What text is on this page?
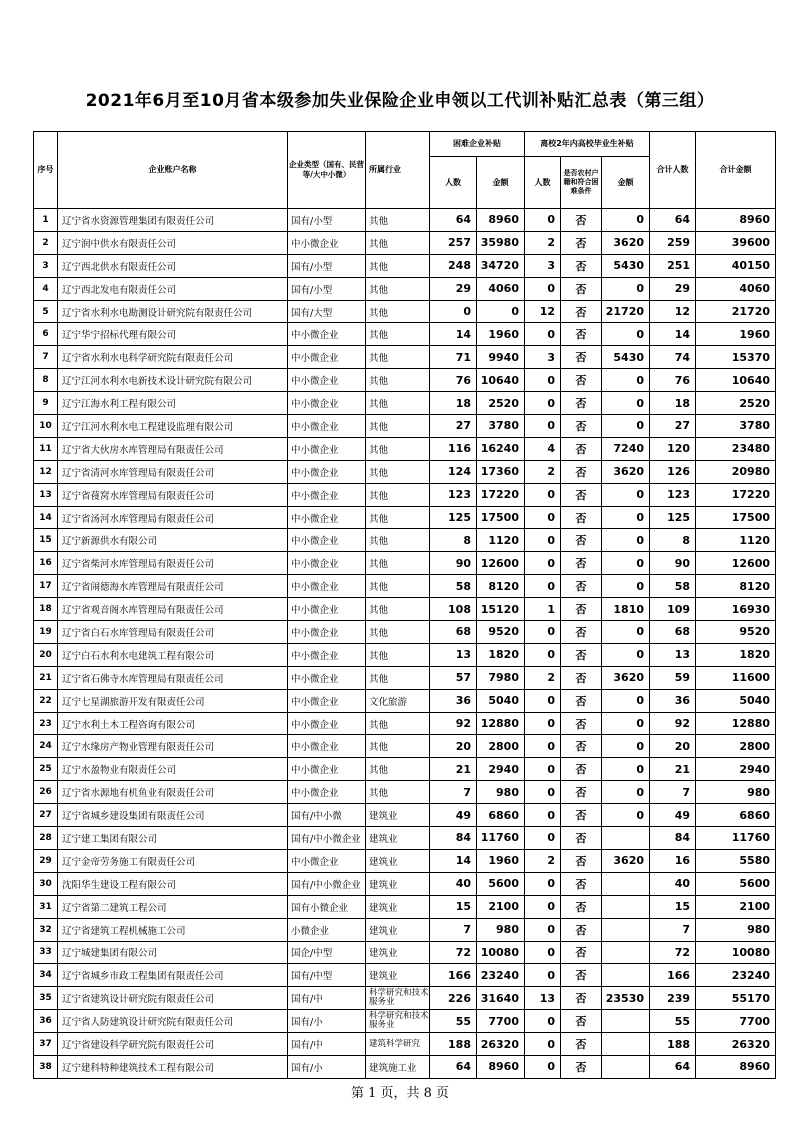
2021年6月至10月省本级参加失业保险企业申领以工代训补贴汇总表（第三组）
序号	企业账户名称	企业类型（国有、民营等/大中小微）	所属行业	困难企业补贴		离校2年内高校毕业生补贴			合计人数	合计金额
				人数	金额	人数	是否农村户籍和符合困难条件	金额		
1	辽宁省水资源管理集团有限责任公司	国有/小型	其他	64	8960	0	否	0	64	8960
2	辽宁润中供水有限责任公司	中小微企业	其他	257	35980	2	否	3620	259	39600
3	辽宁西北供水有限责任公司	国有/小型	其他	248	34720	3	否	5430	251	40150
4	辽宁西北发电有限责任公司	国有/小型	其他	29	4060	0	否	0	29	4060
5	辽宁省水利水电勘测设计研究院有限责任公司	国有/大型	其他	0	0	12	否	21720	12	21720
6	辽宁华宁招标代理有限公司	中小微企业	其他	14	1960	0	否	0	14	1960
7	辽宁省水利水电科学研究院有限责任公司	中小微企业	其他	71	9940	3	否	5430	74	15370
8	辽宁江河水利水电新技术设计研究院有限公司	中小微企业	其他	76	10640	0	否	0	76	10640
9	辽宁江海水利工程有限公司	中小微企业	其他	18	2520	0	否	0	18	2520
10	辽宁江河水利水电工程建设监理有限公司	中小微企业	其他	27	3780	0	否	0	27	3780
11	辽宁省大伙房水库管理局有限责任公司	中小微企业	其他	116	16240	4	否	7240	120	23480
12	辽宁省清河水库管理局有限责任公司	中小微企业	其他	124	17360	2	否	3620	126	20980
13	辽宁省葠窝水库管理局有限责任公司	中小微企业	其他	123	17220	0	否	0	123	17220
14	辽宁省汤河水库管理局有限责任公司	中小微企业	其他	125	17500	0	否	0	125	17500
15	辽宁新源供水有限公司	中小微企业	其他	8	1120	0	否	0	8	1120
16	辽宁省柴河水库管理局有限责任公司	中小微企业	其他	90	12600	0	否	0	90	12600
17	辽宁省闹德海水库管理局有限责任公司	中小微企业	其他	58	8120	0	否	0	58	8120
18	辽宁省观音阁水库管理局有限责任公司	中小微企业	其他	108	15120	1	否	1810	109	16930
19	辽宁省白石水库管理局有限责任公司	中小微企业	其他	68	9520	0	否	0	68	9520
20	辽宁白石水利水电建筑工程有限公司	中小微企业	其他	13	1820	0	否	0	13	1820
21	辽宁省石佛寺水库管理局有限责任公司	中小微企业	其他	57	7980	2	否	3620	59	11600
22	辽宁七星湖旅游开发有限责任公司	中小微企业	文化旅游	36	5040	0	否	0	36	5040
23	辽宁水利土木工程咨询有限公司	中小微企业	其他	92	12880	0	否	0	92	12880
24	辽宁水缘房产物业管理有限责任公司	中小微企业	其他	20	2800	0	否	0	20	2800
25	辽宁水盈物业有限责任公司	中小微企业	其他	21	2940	0	否	0	21	2940
26	辽宁省水源地有机鱼业有限责任公司	中小微企业	其他	7	980	0	否	0	7	980
27	辽宁省城乡建设集团有限责任公司	国有/中小微	建筑业	49	6860	0	否	0	49	6860
28	辽宁建工集团有限公司	国有/中小微企业	建筑业	84	11760	0	否		84	11760
29	辽宁金帝劳务施工有限责任公司	中小微企业	建筑业	14	1960	2	否	3620	16	5580
30	沈阳华生建设工程有限公司	国有/中小微企业	建筑业	40	5600	0	否		40	5600
31	辽宁省第二建筑工程公司	国有小微企业	建筑业	15	2100	0	否		15	2100
32	辽宁省建筑工程机械施工公司	小微企业	建筑业	7	980	0	否		7	980
33	辽宁城建集团有限公司	国企/中型	建筑业	72	10080	0	否		72	10080
34	辽宁省城乡市政工程集团有限责任公司	国有/中型	建筑业	166	23240	0	否		166	23240
35	辽宁省建筑设计研究院有限责任公司	国有/中	科学研究和技术服务业	226	31640	13	否	23530	239	55170
36	辽宁省人防建筑设计研究院有限责任公司	国有/小	科学研究和技术服务业	55	7700	0	否		55	7700
37	辽宁省建设科学研究院有限责任公司	国有/中	建筑科学研究	188	26320	0	否		188	26320
38	辽宁建科特种建筑技术工程有限公司	国有/小	建筑施工业	64	8960	0	否		64	8960
第 1 页，共 8 页
